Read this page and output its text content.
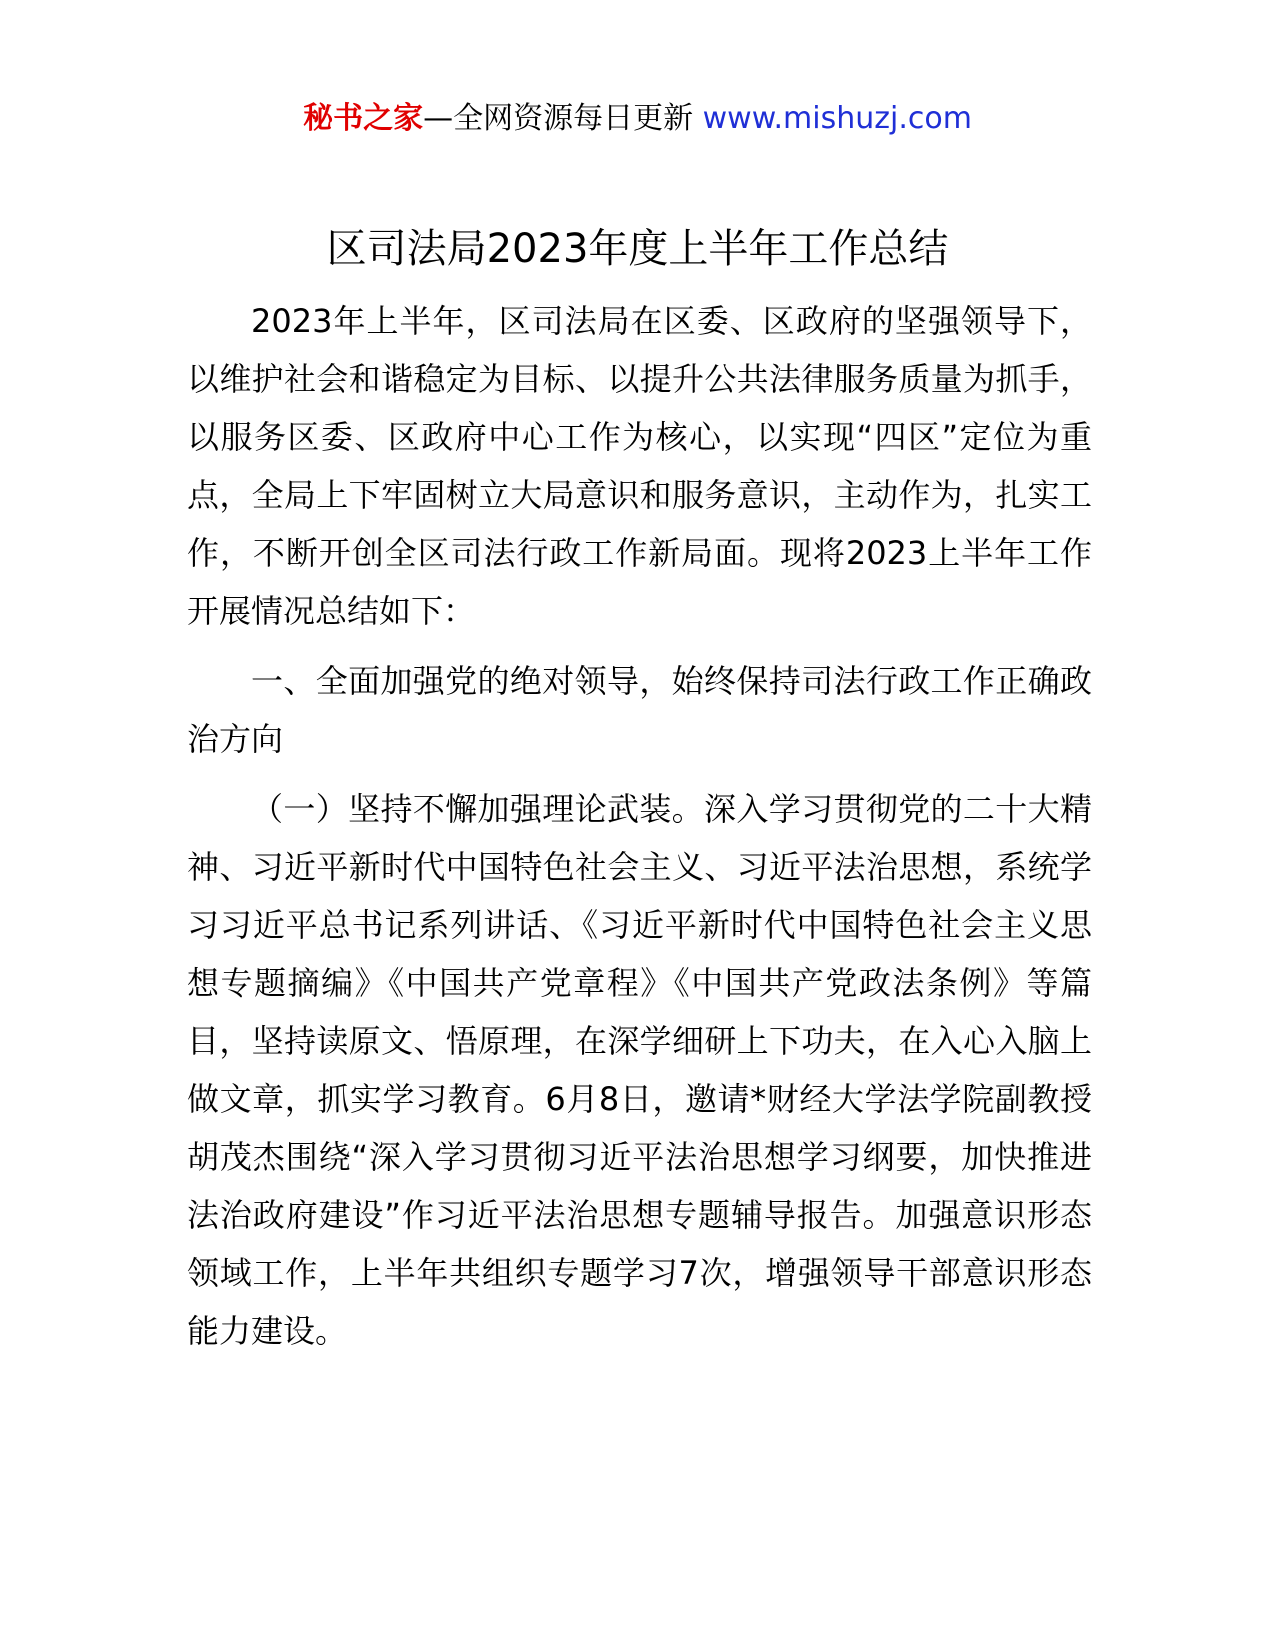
秘书之家—全网资源每日更新 www.mishuzj.com
区司法局2023年度上半年工作总结

2023年上半年，区司法局在区委、区政府的坚强领导下，以维护社会和谐稳定为目标、以提升公共法律服务质量为抓手，以服务区委、区政府中心工作为核心，以实现“四区”定位为重点，全局上下牢固树立大局意识和服务意识，主动作为，扎实工作，不断开创全区司法行政工作新局面。现将2023上半年工作开展情况总结如下：

一、全面加强党的绝对领导，始终保持司法行政工作正确政治方向

（一）坚持不懈加强理论武装。深入学习贯彻党的二十大精神、习近平新时代中国特色社会主义、习近平法治思想，系统学习习近平总书记系列讲话、《习近平新时代中国特色社会主义思想专题摘编》《中国共产党章程》《中国共产党政法条例》等篇目，坚持读原文、悟原理，在深学细研上下功夫，在入心入脑上做文章，抓实学习教育。6月8日，邀请*财经大学法学院副教授胡茂杰围绕“深入学习贯彻习近平法治思想学习纲要，加快推进法治政府建设”作习近平法治思想专题辅导报告。加强意识形态领域工作，上半年共组织专题学习7次，增强领导干部意识形态能力建设。
